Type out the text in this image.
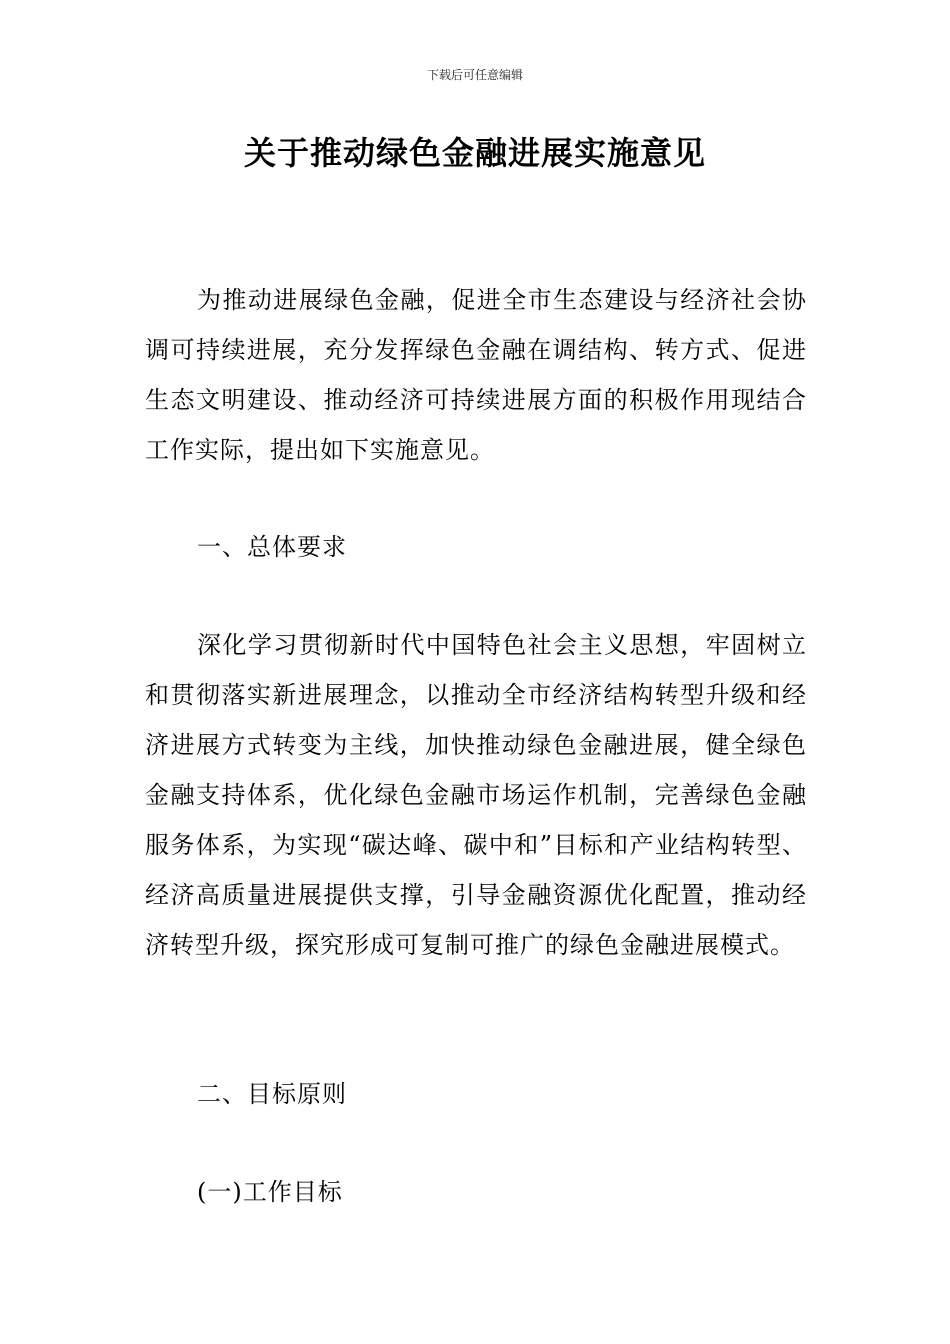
下载后可任意编辑
关于推动绿色金融进展实施意见

为推动进展绿色金融，促进全市生态建设与经济社会协调可持续进展，充分发挥绿色金融在调结构、转方式、促进生态文明建设、推动经济可持续进展方面的积极作用现结合工作实际，提出如下实施意见。

一、总体要求

深化学习贯彻新时代中国特色社会主义思想，牢固树立和贯彻落实新进展理念，以推动全市经济结构转型升级和经济进展方式转变为主线，加快推动绿色金融进展，健全绿色金融支持体系，优化绿色金融市场运作机制，完善绿色金融服务体系，为实现“碳达峰、碳中和”目标和产业结构转型、经济高质量进展提供支撑，引导金融资源优化配置，推动经济转型升级，探究形成可复制可推广的绿色金融进展模式。

二、目标原则

(一)工作目标
